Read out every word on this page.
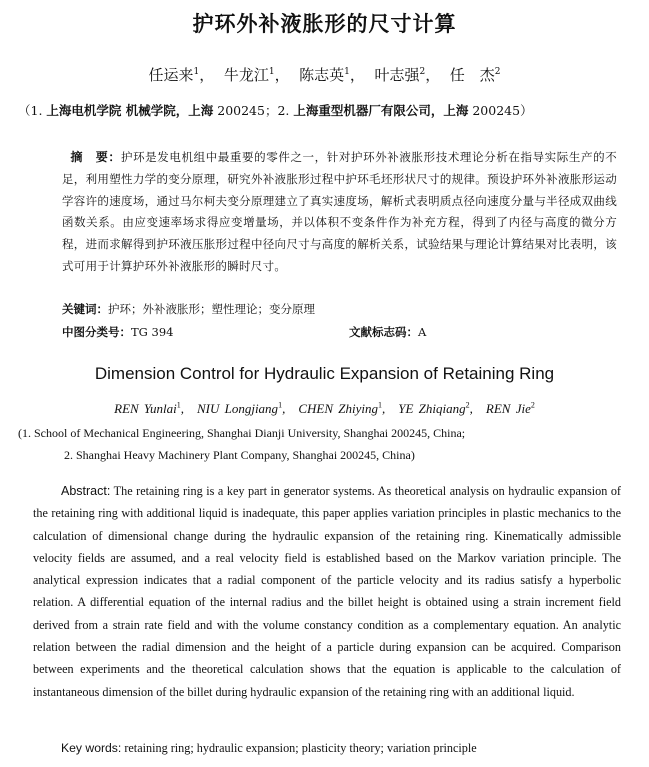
护环外补液胀形的尺寸计算
任运来$^1$， 牛龙江$^1$， 陈志英$^1$， 叶志强$^2$， 任　杰$^2$
（1. 上海电机学院 机械学院，上海 200245；2. 上海重型机器厂有限公司，上海 200245）
摘　要：护环是发电机组中最重要的零件之一，针对护环外补液胀形技术理论分析在指导实际生产的不足，利用塑性力学的变分原理，研究外补液胀形过程中护环毛坯形状尺寸的规律。预设护环外补液胀形运动学容许的速度场，通过马尔柯夫变分原理建立了真实速度场，解析式表明质点径向速度分量与半径成双曲线函数关系。由应变速率场求得应变增量场，并以体积不变条件作为补充方程，得到了内径与高度的微分方程，进而求解得到护环液压胀形过程中径向尺寸与高度的解析关系，试验结果与理论计算结果对比表明，该式可用于计算护环外补液胀形的瞬时尺寸。
关键词：护环；外补液胀形；塑性理论；变分原理
中图分类号：TG 394	文献标志码：A
Dimension Control for Hydraulic Expansion of Retaining Ring
REN Yunlai$^1$,　NIU Longjiang$^1$,　CHEN Zhiying$^1$,　YE Zhiqiang$^2$,　REN Jie$^2$
(1. School of Mechanical Engineering, Shanghai Dianji University, Shanghai 200245, China;
2. Shanghai Heavy Machinery Plant Company, Shanghai 200245, China)

Abstract: The retaining ring is a key part in generator systems. As theoretical analysis on hydraulic expansion of the retaining ring with additional liquid is inadequate, this paper applies variation principles in plastic mechanics to the calculation of dimensional change during the hydraulic expansion of the retaining ring. Kinematically admissible velocity fields are assumed, and a real velocity field is established based on the Markov variation principle. The analytical expression indicates that a radial component of the particle velocity and its radius satisfy a hyperbolic relation. A differential equation of the internal radius and the billet height is obtained using a strain increment field derived from a strain rate field and with the volume constancy condition as a complementary equation. An analytic relation between the radial dimension and the height of a particle during expansion can be acquired. Comparison between experiments and the theoretical calculation shows that the equation is applicable to the calculation of instantaneous dimension of the billet during hydraulic expansion of the retaining ring with an additional liquid.

Key words: retaining ring; hydraulic expansion; plasticity theory; variation principle
